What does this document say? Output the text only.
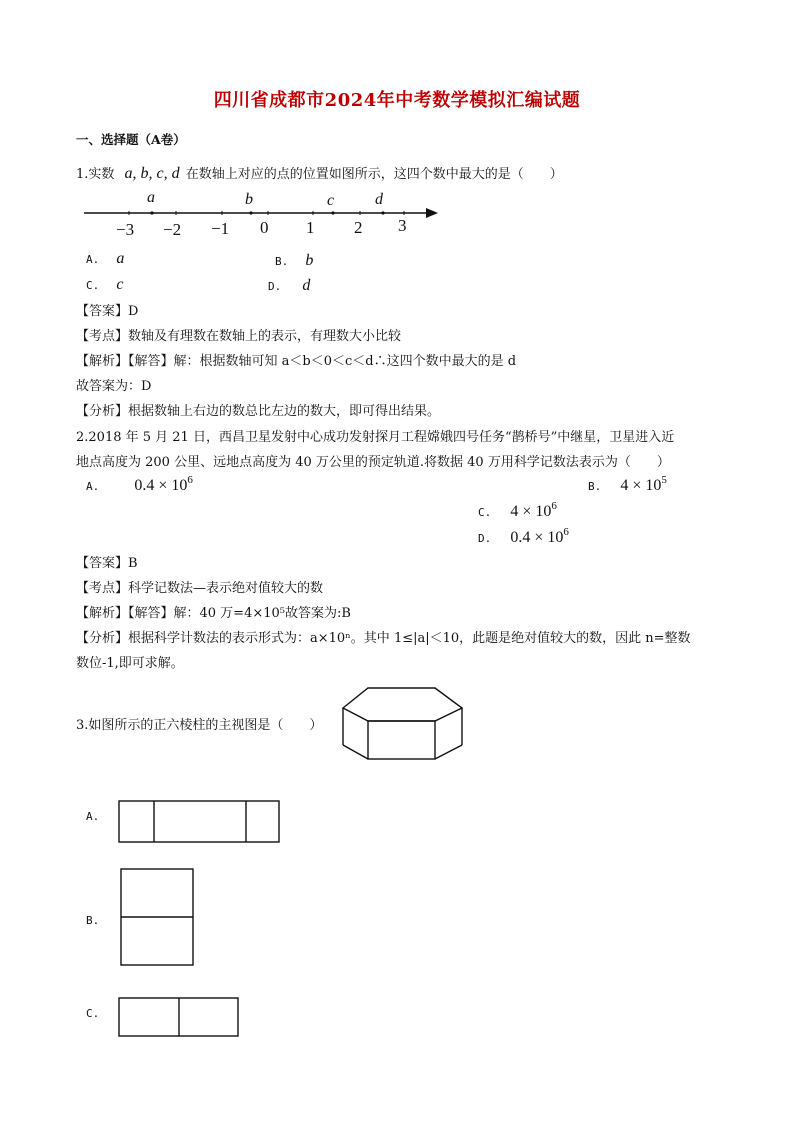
四川省成都市2024年中考数学模拟汇编试题
一、选择题（A卷）
1.实数 a, b, c, d 在数轴上对应的点的位置如图所示，这四个数中最大的是（　　）
a	b	c	d
−3 −2 −1 0 1 2 3
A. a	B. b
C. c	D. d
【答案】D
【考点】数轴及有理数在数轴上的表示，有理数大小比较
【解析】【解答】解：根据数轴可知 a＜b＜0＜c＜d∴这四个数中最大的是 d
故答案为：D
【分析】根据数轴上右边的数总比左边的数大，即可得出结果。
2.2018 年 5 月 21 日，西昌卫星发射中心成功发射探月工程嫦娥四号任务“鹊桥号”中继星，卫星进入近
地点高度为 200 公里、远地点高度为 40 万公里的预定轨道.将数据 40 万用科学记数法表示为（　　）
A. $0.4 \times 10^6$	B. $4 \times 10^5$
C. $4 \times 10^6$
D. $0.4 \times 10^6$
【答案】B
【考点】科学记数法—表示绝对值较大的数
【解析】【解答】解：40 万=4×10⁵故答案为:B
【分析】根据科学计数法的表示形式为：a×10ⁿ。其中 1≤|a|＜10，此题是绝对值较大的数，因此 n=整数
数位-1,即可求解。
3.如图所示的正六棱柱的主视图是（　　）
A.
B.
C.
